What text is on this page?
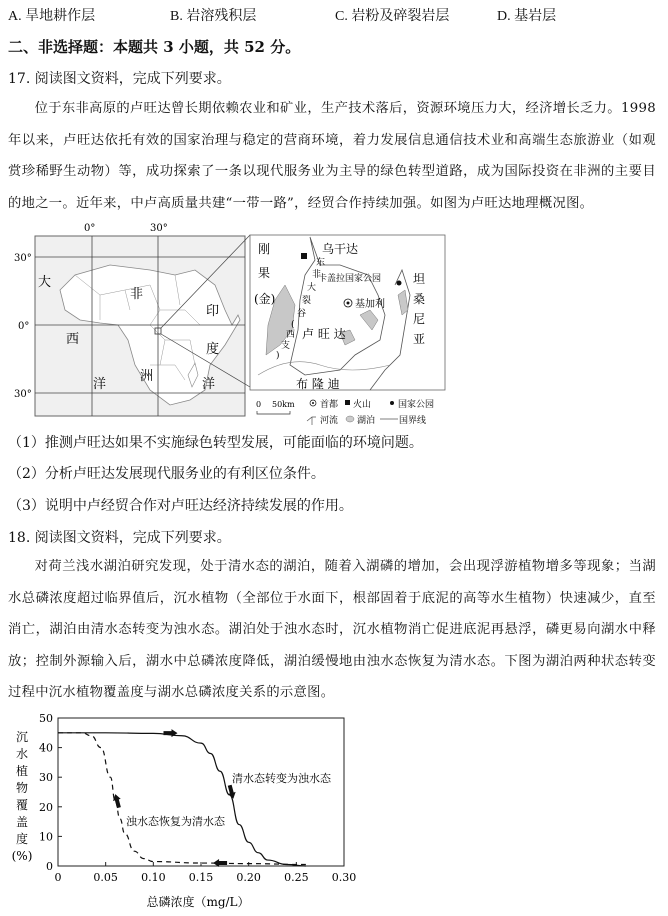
A. 旱地耕作层	B. 岩溶残积层	C. 岩粉及碎裂岩层	D. 基岩层
二、非选择题：本题共 3 小题，共 52 分。
17. 阅读图文资料，完成下列要求。

位于东非高原的卢旺达曾长期依赖农业和矿业，生产技术落后，资源环境压力大，经济增长乏力。1998年以来，卢旺达依托有效的国家治理与稳定的营商环境，着力发展信息通信技术业和高端生态旅游业（如观赏珍稀野生动物）等，成功探索了一条以现代服务业为主导的绿色转型道路，成为国际投资在非洲的主要目的地之一。近年来，中卢高质量共建“一带一路”，经贸合作持续加强。如图为卢旺达地理概况图。

0°	30°
30°
0°
30°
大
西
洋
印
度
洋
非
洲
刚
果
(金)
乌干达
坦
桑
尼
亚
布 隆 迪
卢 旺 达
卡盖拉国家公园
基加利
东
非
大
裂
谷
(
西
支
)
0 50km	首都 火山	国家公园
河流 湖泊	国界线
（1）推测卢旺达如果不实施绿色转型发展，可能面临的环境问题。
（2）分析卢旺达发展现代服务业的有利区位条件。
（3）说明中卢经贸合作对卢旺达经济持续发展的作用。
18. 阅读图文资料，完成下列要求。

对荷兰浅水湖泊研究发现，处于清水态的湖泊，随着入湖磷的增加，会出现浮游植物增多等现象；当湖水总磷浓度超过临界值后，沉水植物（全部位于水面下，根部固着于底泥的高等水生植物）快速减少，直至消亡，湖泊由清水态转变为浊水态。湖泊处于浊水态时，沉水植物消亡促进底泥再悬浮，磷更易向湖水中释放；控制外源输入后，湖水中总磷浓度降低，湖泊缓慢地由浊水态恢复为清水态。下图为湖泊两种状态转变过程中沉水植物覆盖度与湖水总磷浓度关系的示意图。

总磷浓度（mg/L）
清水态转变为浊水态
浊水态恢复为清水态
0	0.05 0.10 0.15 0.20 0.25 0.30
0
10
20
30
40
50
沉
水
植
物
覆
盖
度
(%)
